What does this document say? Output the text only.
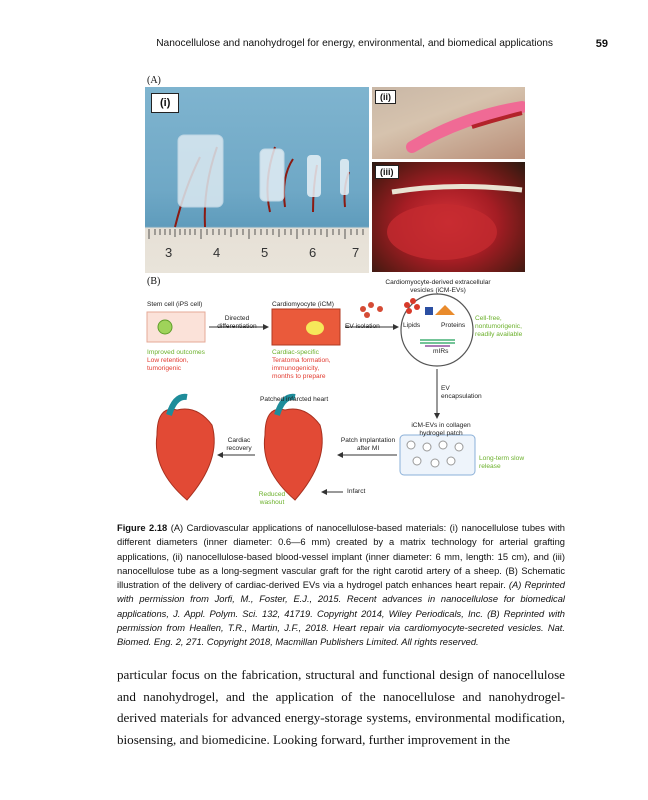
Nanocellulose and nanohydrogel for energy, environmental, and biomedical applications	59
(A)
(B)
(i)
3	4	5	6	7
(ii)
(iii)
Cardiomyocyte-derived extracellular vesicles (iCM-EVs)
Stem cell (iPS cell)	Cardiomyocyte (iCM)
Directed differentiation	EV isolation	Lipids	Proteins
mIRs
Cell-free, nontumorigenic, readily available
Improved outcomes
Low retention, tumorigenic
Cardiac-specific
Teratoma formation, immunogenicity, months to prepare
EV encapsulation
Patched infarcted heart
iCM-EVs in collagen hydrogel patch
Cardiac recovery
Patch implantation after MI
Long-term slow release
Reduced washout
Infarct
Figure 2.18 (A) Cardiovascular applications of nanocellulose-based materials: (i) nanocellulose tubes with different diameters (inner diameter: 0.6—6 mm) created by a matrix technology for arterial grafting applications, (ii) nanocellulose-based blood-vessel implant (inner diameter: 6 mm, length: 15 cm), and (iii) nanocellulose tube as a long-segment vascular graft for the right carotid artery of a sheep. (B) Schematic illustration of the delivery of cardiac-derived EVs via a hydrogel patch enhances heart repair. (A) Reprinted with permission from Jorfi, M., Foster, E.J., 2015. Recent advances in nanocellulose for biomedical applications, J. Appl. Polym. Sci. 132, 41719. Copyright 2014, Wiley Periodicals, Inc. (B) Reprinted with permission from Heallen, T.R., Martin, J.F., 2018. Heart repair via cardiomyocyte-secreted vesicles. Nat. Biomed. Eng. 2, 271. Copyright 2018, Macmillan Publishers Limited. All rights reserved.
particular focus on the fabrication, structural and functional design of nanocellulose and nanohydrogel, and the application of the nanocellulose and nanohydrogel-derived materials for advanced energy-storage systems, environmental modification, biosensing, and biomedicine. Looking forward, further improvement in the
